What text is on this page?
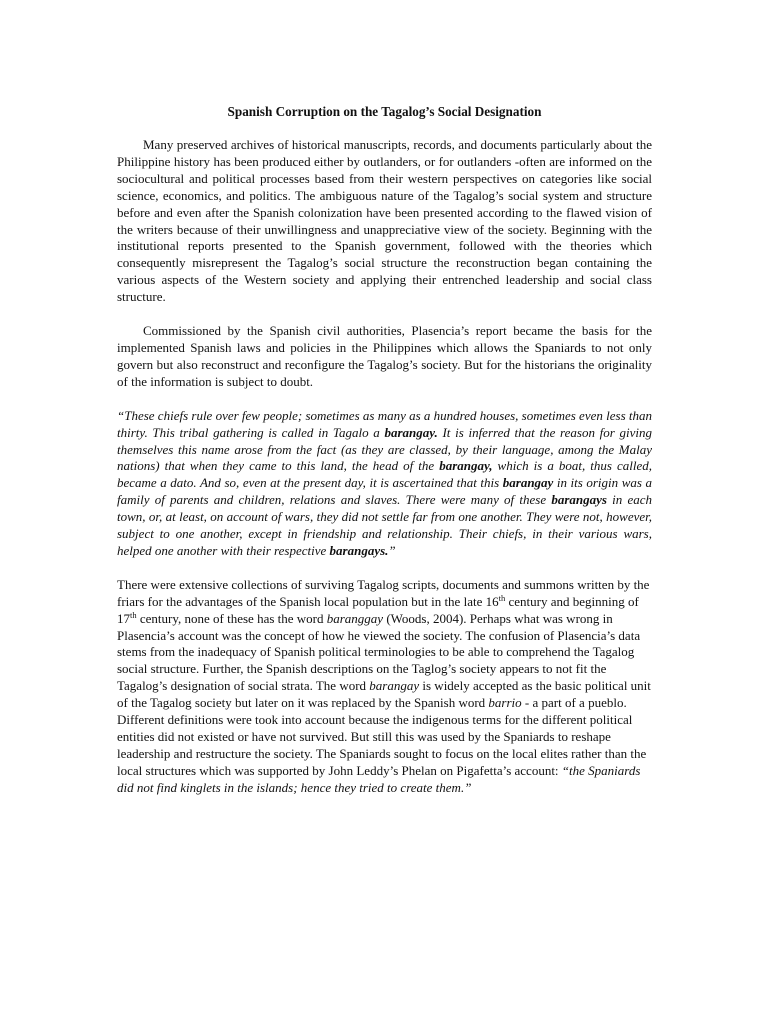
Spanish Corruption on the Tagalog’s Social Designation

Many preserved archives of historical manuscripts, records, and documents particularly about the Philippine history has been produced either by outlanders, or for outlanders -often are informed on the sociocultural and political processes based from their western perspectives on categories like social science, economics, and politics. The ambiguous nature of the Tagalog’s social system and structure before and even after the Spanish colonization have been presented according to the flawed vision of the writers because of their unwillingness and unappreciative view of the society. Beginning with the institutional reports presented to the Spanish government, followed with the theories which consequently misrepresent the Tagalog’s social structure the reconstruction began containing the various aspects of the Western society and applying their entrenched leadership and social class structure.

Commissioned by the Spanish civil authorities, Plasencia’s report became the basis for the implemented Spanish laws and policies in the Philippines which allows the Spaniards to not only govern but also reconstruct and reconfigure the Tagalog’s society. But for the historians the originality of the information is subject to doubt.

“These chiefs rule over few people; sometimes as many as a hundred houses, sometimes even less than thirty. This tribal gathering is called in Tagalo a barangay. It is inferred that the reason for giving themselves this name arose from the fact (as they are classed, by their language, among the Malay nations) that when they came to this land, the head of the barangay, which is a boat, thus called, became a dato. And so, even at the present day, it is ascertained that this barangay in its origin was a family of parents and children, relations and slaves. There were many of these barangays in each town, or, at least, on account of wars, they did not settle far from one another. They were not, however, subject to one another, except in friendship and relationship. Their chiefs, in their various wars, helped one another with their respective barangays.”

There were extensive collections of surviving Tagalog scripts, documents and summons written by the friars for the advantages of the Spanish local population but in the late 16th century and beginning of 17th century, none of these has the word baranggay (Woods, 2004). Perhaps what was wrong in Plasencia’s account was the concept of how he viewed the society. The confusion of Plasencia’s data stems from the inadequacy of Spanish political terminologies to be able to comprehend the Tagalog social structure. Further, the Spanish descriptions on the Taglog’s society appears to not fit the Tagalog’s designation of social strata. The word barangay is widely accepted as the basic political unit of the Tagalog society but later on it was replaced by the Spanish word barrio - a part of a pueblo. Different definitions were took into account because the indigenous terms for the different political entities did not existed or have not survived. But still this was used by the Spaniards to reshape leadership and restructure the society. The Spaniards sought to focus on the local elites rather than the local structures which was supported by John Leddy’s Phelan on Pigafetta’s account: “the Spaniards did not find kinglets in the islands; hence they tried to create them.”
